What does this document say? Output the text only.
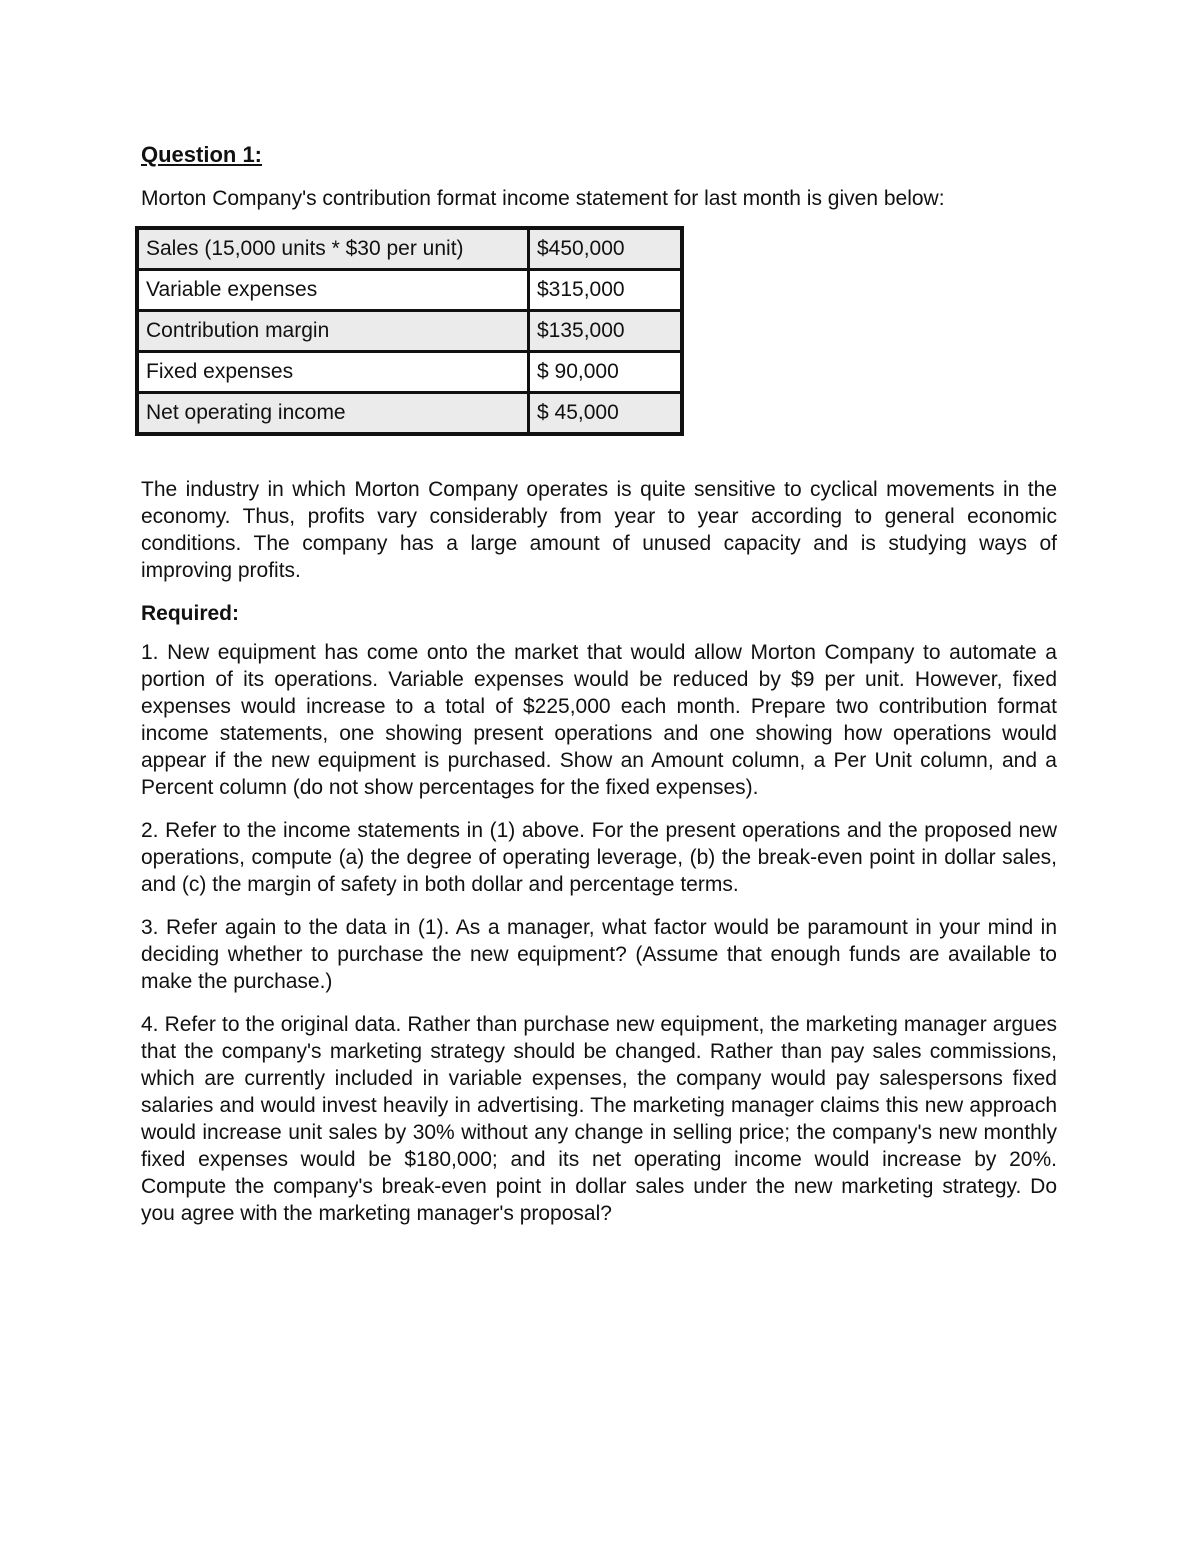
Question 1:
Morton Company's contribution format income statement for last month is given below:
Sales (15,000 units * $30 per unit)	$450,000
Variable expenses	$315,000
Contribution margin	$135,000
Fixed expenses	$ 90,000
Net operating income	$ 45,000

The industry in which Morton Company operates is quite sensitive to cyclical movements in the economy. Thus, profits vary considerably from year to year according to general economic conditions. The company has a large amount of unused capacity and is studying ways of improving profits.

Required:

1. New equipment has come onto the market that would allow Morton Company to automate a portion of its operations. Variable expenses would be reduced by $9 per unit. However, fixed expenses would increase to a total of $225,000 each month. Prepare two contribution format income statements, one showing present operations and one showing how operations would appear if the new equipment is purchased. Show an Amount column, a Per Unit column, and a Percent column (do not show percentages for the fixed expenses).

2. Refer to the income statements in (1) above. For the present operations and the proposed new operations, compute (a) the degree of operating leverage, (b) the break-even point in dollar sales, and (c) the margin of safety in both dollar and percentage terms.

3. Refer again to the data in (1). As a manager, what factor would be paramount in your mind in deciding whether to purchase the new equipment? (Assume that enough funds are available to make the purchase.)

4. Refer to the original data. Rather than purchase new equipment, the marketing manager argues that the company's marketing strategy should be changed. Rather than pay sales commissions, which are currently included in variable expenses, the company would pay salespersons fixed salaries and would invest heavily in advertising. The marketing manager claims this new approach would increase unit sales by 30% without any change in selling price; the company's new monthly fixed expenses would be $180,000; and its net operating income would increase by 20%. Compute the company's break-even point in dollar sales under the new marketing strategy. Do you agree with the marketing manager's proposal?
